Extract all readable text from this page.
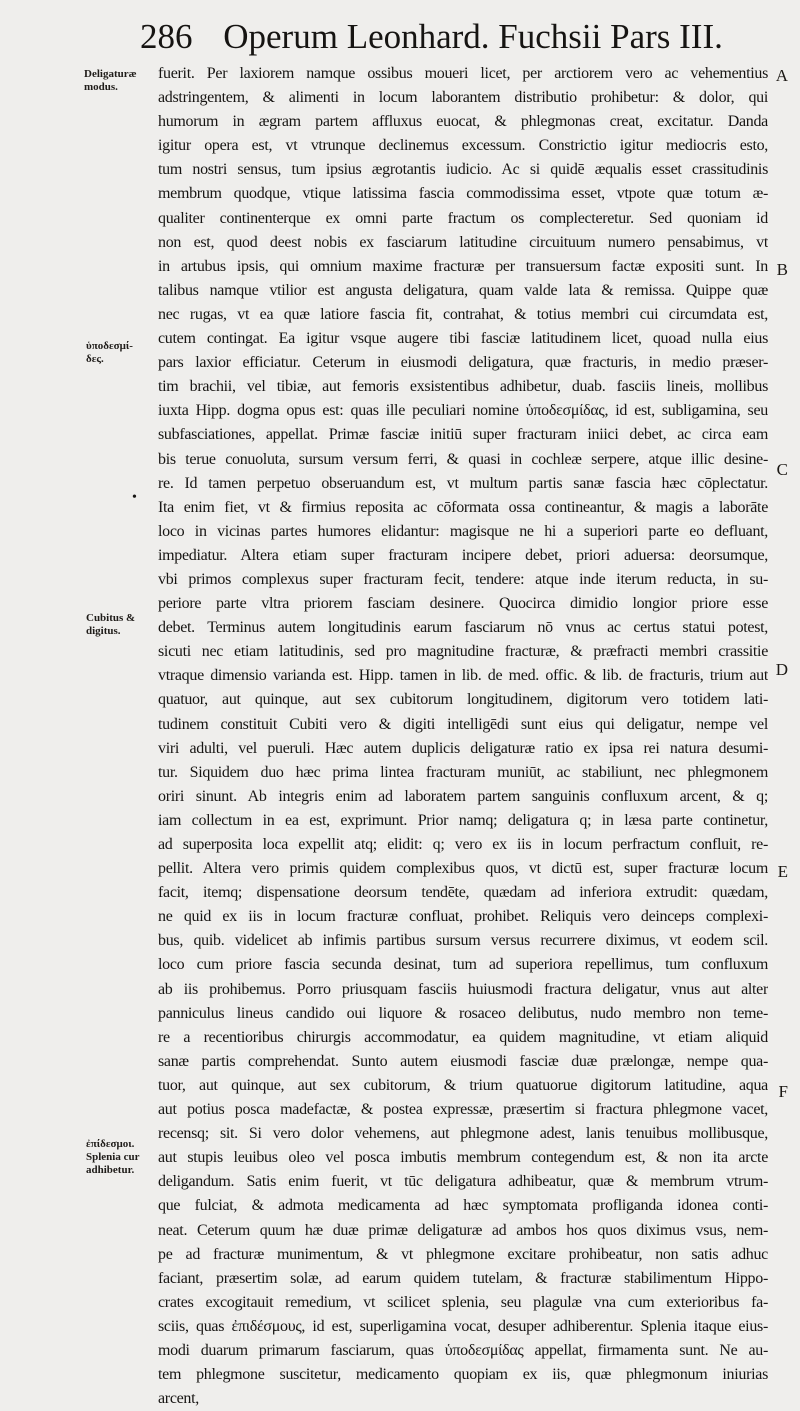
286 Operum Leonhard. Fuchsii Pars III.
Deligaturæ modus.
ὑποδεσμί-δες.
Cubitus & digitus.
ἐπίδεσμοι. Splenia cur adhibetur.
A
B
C
D
E
F
•
fuerit. Per laxiorem namque ossibus moueri licet, per arctiorem vero ac vehementius
adstringentem, & alimenti in locum laborantem distributio prohibetur: & dolor, qui
humorum in ægram partem affluxus euocat, & phlegmonas creat, excitatur. Danda
igitur opera est, vt vtrunque declinemus excessum. Constrictio igitur mediocris esto,
tum nostri sensus, tum ipsius ægrotantis iudicio. Ac si quidē æqualis esset crassitudinis
membrum quodque, vtique latissima fascia commodissima esset, vtpote quæ totum æ-
qualiter continenterque ex omni parte fractum os complecteretur. Sed quoniam id
non est, quod deest nobis ex fasciarum latitudine circuituum numero pensabimus, vt
in artubus ipsis, qui omnium maxime fracturæ per transuersum factæ expositi sunt. In
talibus namque vtilior est angusta deligatura, quam valde lata & remissa. Quippe quæ
nec rugas, vt ea quæ latiore fascia fit, contrahat, & totius membri cui circumdata est,
cutem contingat. Ea igitur vsque augere tibi fasciæ latitudinem licet, quoad nulla eius
pars laxior efficiatur. Ceterum in eiusmodi deligatura, quæ fracturis, in medio præser-
tim brachii, vel tibiæ, aut femoris exsistentibus adhibetur, duab. fasciis lineis, mollibus
iuxta Hipp. dogma opus est: quas ille peculiari nomine ὑποδεσμίδας, id est, subligamina, seu
subfasciationes, appellat. Primæ fasciæ initiū super fracturam iniici debet, ac circa eam
bis terue conuoluta, sursum versum ferri, & quasi in cochleæ serpere, atque illic desine-
re. Id tamen perpetuo obseruandum est, vt multum partis sanæ fascia hæc cōplectatur.
Ita enim fiet, vt & firmius reposita ac cōformata ossa contineantur, & magis a laborāte
loco in vicinas partes humores elidantur: magisque ne hi a superiori parte eo defluant,
impediatur. Altera etiam super fracturam incipere debet, priori aduersa: deorsumque,
vbi primos complexus super fracturam fecit, tendere: atque inde iterum reducta, in su-
periore parte vltra priorem fasciam desinere. Quocirca dimidio longior priore esse
debet. Terminus autem longitudinis earum fasciarum nō vnus ac certus statui potest,
sicuti nec etiam latitudinis, sed pro magnitudine fracturæ, & præfracti membri crassitie
vtraque dimensio varianda est. Hipp. tamen in lib. de med. offic. & lib. de fracturis, trium aut
quatuor, aut quinque, aut sex cubitorum longitudinem, digitorum vero totidem lati-
tudinem constituit Cubiti vero & digiti intelligēdi sunt eius qui deligatur, nempe vel
viri adulti, vel pueruli. Hæc autem duplicis deligaturæ ratio ex ipsa rei natura desumi-
tur. Siquidem duo hæc prima lintea fracturam muniūt, ac stabiliunt, nec phlegmonem
oriri sinunt. Ab integris enim ad laboratem partem sanguinis confluxum arcent, & q;
iam collectum in ea est, exprimunt. Prior namq; deligatura q; in læsa parte continetur,
ad superposita loca expellit atq; elidit: q; vero ex iis in locum perfractum confluit, re-
pellit. Altera vero primis quidem complexibus quos, vt dictū est, super fracturæ locum
facit, itemq; dispensatione deorsum tendēte, quædam ad inferiora extrudit: quædam,
ne quid ex iis in locum fracturæ confluat, prohibet. Reliquis vero deinceps complexi-
bus, quib. videlicet ab infimis partibus sursum versus recurrere diximus, vt eodem scil.
loco cum priore fascia secunda desinat, tum ad superiora repellimus, tum confluxum
ab iis prohibemus. Porro priusquam fasciis huiusmodi fractura deligatur, vnus aut alter
panniculus lineus candido oui liquore & rosaceo delibutus, nudo membro non teme-
re a recentioribus chirurgis accommodatur, ea quidem magnitudine, vt etiam aliquid
sanæ partis comprehendat. Sunto autem eiusmodi fasciæ duæ prælongæ, nempe qua-
tuor, aut quinque, aut sex cubitorum, & trium quatuorue digitorum latitudine, aqua
aut potius posca madefactæ, & postea expressæ, præsertim si fractura phlegmone vacet,
recensq; sit. Si vero dolor vehemens, aut phlegmone adest, lanis tenuibus mollibusque,
aut stupis leuibus oleo vel posca imbutis membrum contegendum est, & non ita arcte
deligandum. Satis enim fuerit, vt tūc deligatura adhibeatur, quæ & membrum vtrum-
que fulciat, & admota medicamenta ad hæc symptomata profliganda idonea conti-
neat. Ceterum quum hæ duæ primæ deligaturæ ad ambos hos quos diximus vsus, nem-
pe ad fracturæ munimentum, & vt phlegmone excitare prohibeatur, non satis adhuc
faciant, præsertim solæ, ad earum quidem tutelam, & fracturæ stabilimentum Hippo-
crates excogitauit remedium, vt scilicet splenia, seu plagulæ vna cum exterioribus fa-
sciis, quas ἐπιδέσμους, id est, superligamina vocat, desuper adhiberentur. Splenia itaque eius-
modi duarum primarum fasciarum, quas ὑποδεσμίδας appellat, firmamenta sunt. Ne au-
tem phlegmone suscitetur, medicamento quopiam ex iis, quæ phlegmonum iniurias
arcent,
